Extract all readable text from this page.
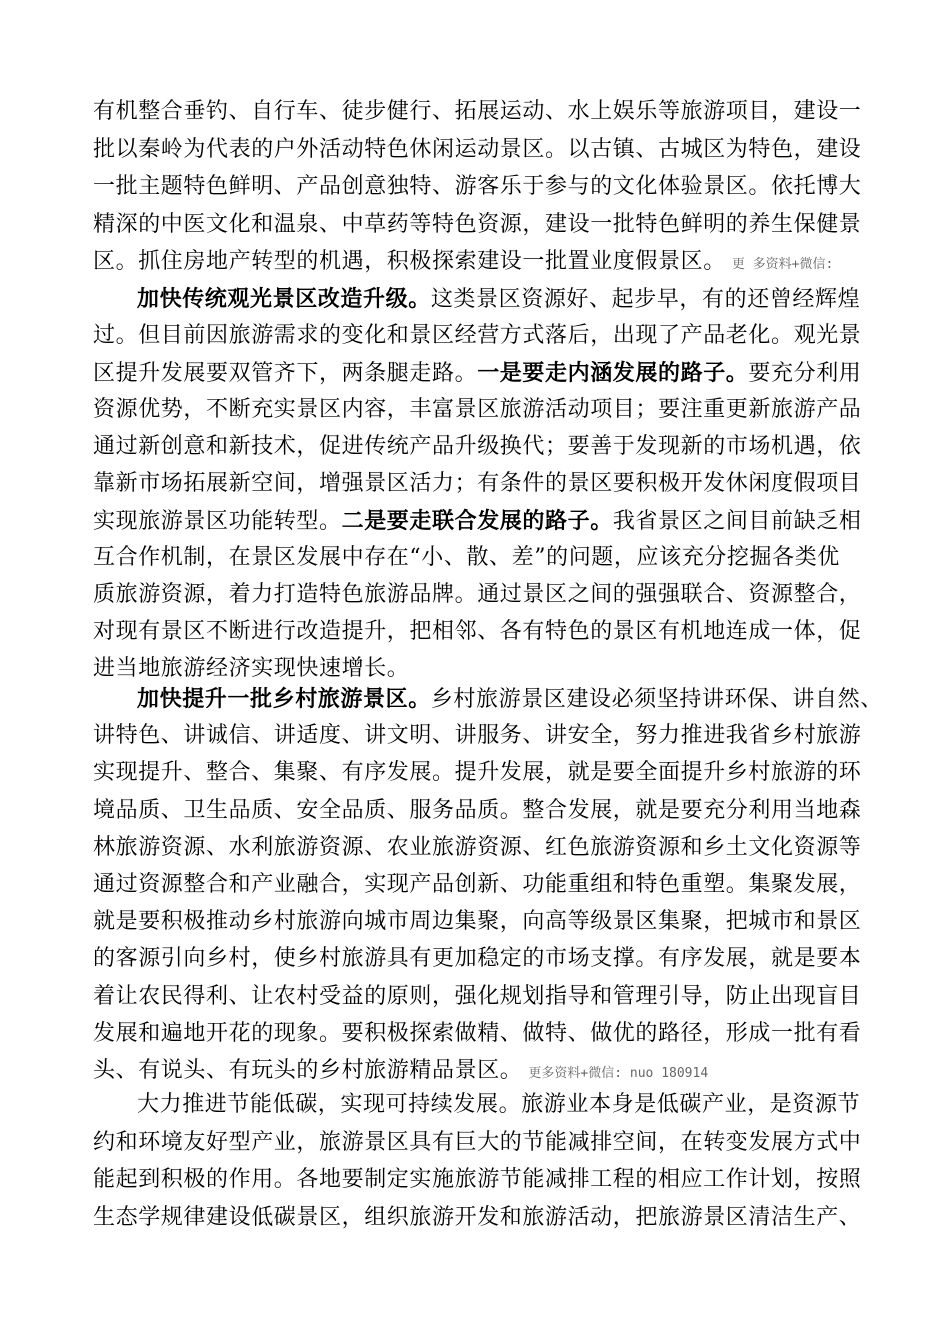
有机整合垂钓、自行车、徒步健行、拓展运动、水上娱乐等旅游项目，建设一
批以秦岭为代表的户外活动特色休闲运动景区。以古镇、古城区为特色，建设
一批主题特色鲜明、产品创意独特、游客乐于参与的文化体验景区。依托博大
精深的中医文化和温泉、中草药等特色资源，建设一批特色鲜明的养生保健景
区。抓住房地产转型的机遇，积极探索建设一批置业度假景区。 更 多资料+微信:
加快传统观光景区改造升级。这类景区资源好、起步早，有的还曾经辉煌
过。但目前因旅游需求的变化和景区经营方式落后，出现了产品老化。观光景
区提升发展要双管齐下，两条腿走路。一是要走内涵发展的路子。要充分利用
资源优势，不断充实景区内容，丰富景区旅游活动项目；要注重更新旅游产品
通过新创意和新技术，促进传统产品升级换代；要善于发现新的市场机遇，依
靠新市场拓展新空间，增强景区活力；有条件的景区要积极开发休闲度假项目
实现旅游景区功能转型。二是要走联合发展的路子。我省景区之间目前缺乏相
互合作机制，在景区发展中存在“小、散、差”的问题，应该充分挖掘各类优
质旅游资源，着力打造特色旅游品牌。通过景区之间的强强联合、资源整合，
对现有景区不断进行改造提升，把相邻、各有特色的景区有机地连成一体，促
进当地旅游经济实现快速增长。
加快提升一批乡村旅游景区。乡村旅游景区建设必须坚持讲环保、讲自然、
讲特色、讲诚信、讲适度、讲文明、讲服务、讲安全，努力推进我省乡村旅游
实现提升、整合、集聚、有序发展。提升发展，就是要全面提升乡村旅游的环
境品质、卫生品质、安全品质、服务品质。整合发展，就是要充分利用当地森
林旅游资源、水利旅游资源、农业旅游资源、红色旅游资源和乡土文化资源等
通过资源整合和产业融合，实现产品创新、功能重组和特色重塑。集聚发展，
就是要积极推动乡村旅游向城市周边集聚，向高等级景区集聚，把城市和景区
的客源引向乡村，使乡村旅游具有更加稳定的市场支撑。有序发展，就是要本
着让农民得利、让农村受益的原则，强化规划指导和管理引导，防止出现盲目
发展和遍地开花的现象。要积极探索做精、做特、做优的路径，形成一批有看
头、有说头、有玩头的乡村旅游精品景区。 更多资料+微信: nuo 180914
大力推进节能低碳，实现可持续发展。旅游业本身是低碳产业，是资源节
约和环境友好型产业，旅游景区具有巨大的节能减排空间，在转变发展方式中
能起到积极的作用。各地要制定实施旅游节能减排工程的相应工作计划，按照
生态学规律建设低碳景区，组织旅游开发和旅游活动，把旅游景区清洁生产、
